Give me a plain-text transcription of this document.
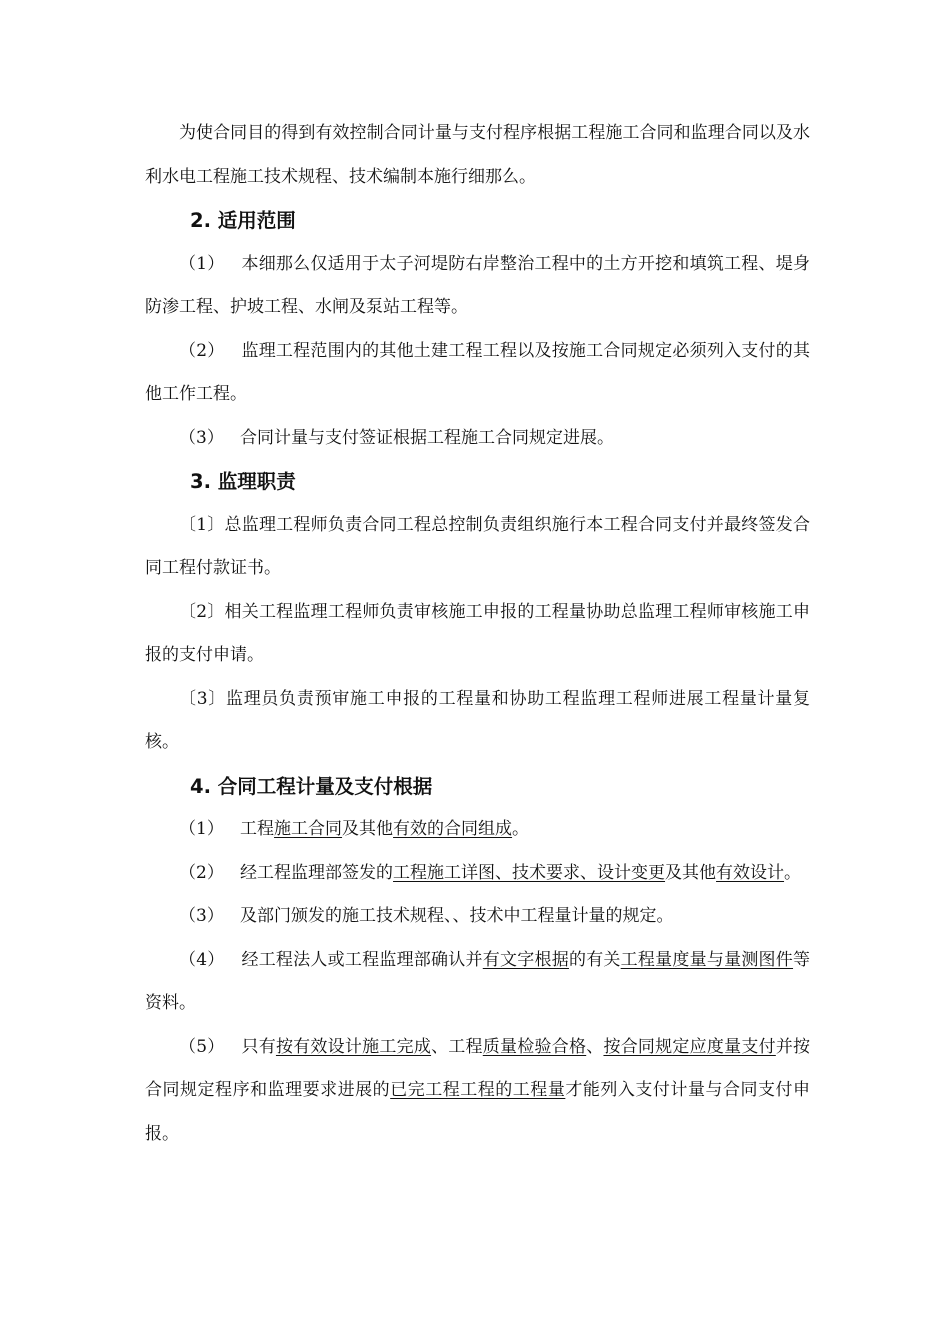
为使合同目的得到有效控制合同计量与支付程序根据工程施工合同和监理合同以及水利水电工程施工技术规程、技术编制本施行细那么。

2. 适用范围

（1） 本细那么仅适用于太子河堤防右岸整治工程中的土方开挖和填筑工程、堤身防渗工程、护坡工程、水闸及泵站工程等。

（2） 监理工程范围内的其他土建工程工程以及按施工合同规定必须列入支付的其他工作工程。

（3） 合同计量与支付签证根据工程施工合同规定进展。

3. 监理职责

〔1〕总监理工程师负责合同工程总控制负责组织施行本工程合同支付并最终签发合同工程付款证书。

〔2〕相关工程监理工程师负责审核施工申报的工程量协助总监理工程师审核施工申报的支付申请。

〔3〕监理员负责预审施工申报的工程量和协助工程监理工程师进展工程量计量复核。

4. 合同工程计量及支付根据

（1） 工程施工合同及其他有效的合同组成。

（2） 经工程监理部签发的工程施工详图、技术要求、设计变更及其他有效设计。

（3） 及部门颁发的施工技术规程、、技术中工程量计量的规定。

（4） 经工程法人或工程监理部确认并有文字根据的有关工程量度量与量测图件等资料。

（5） 只有按有效设计施工完成、工程质量检验合格、按合同规定应度量支付并按合同规定程序和监理要求进展的已完工程工程的工程量才能列入支付计量与合同支付申报。
